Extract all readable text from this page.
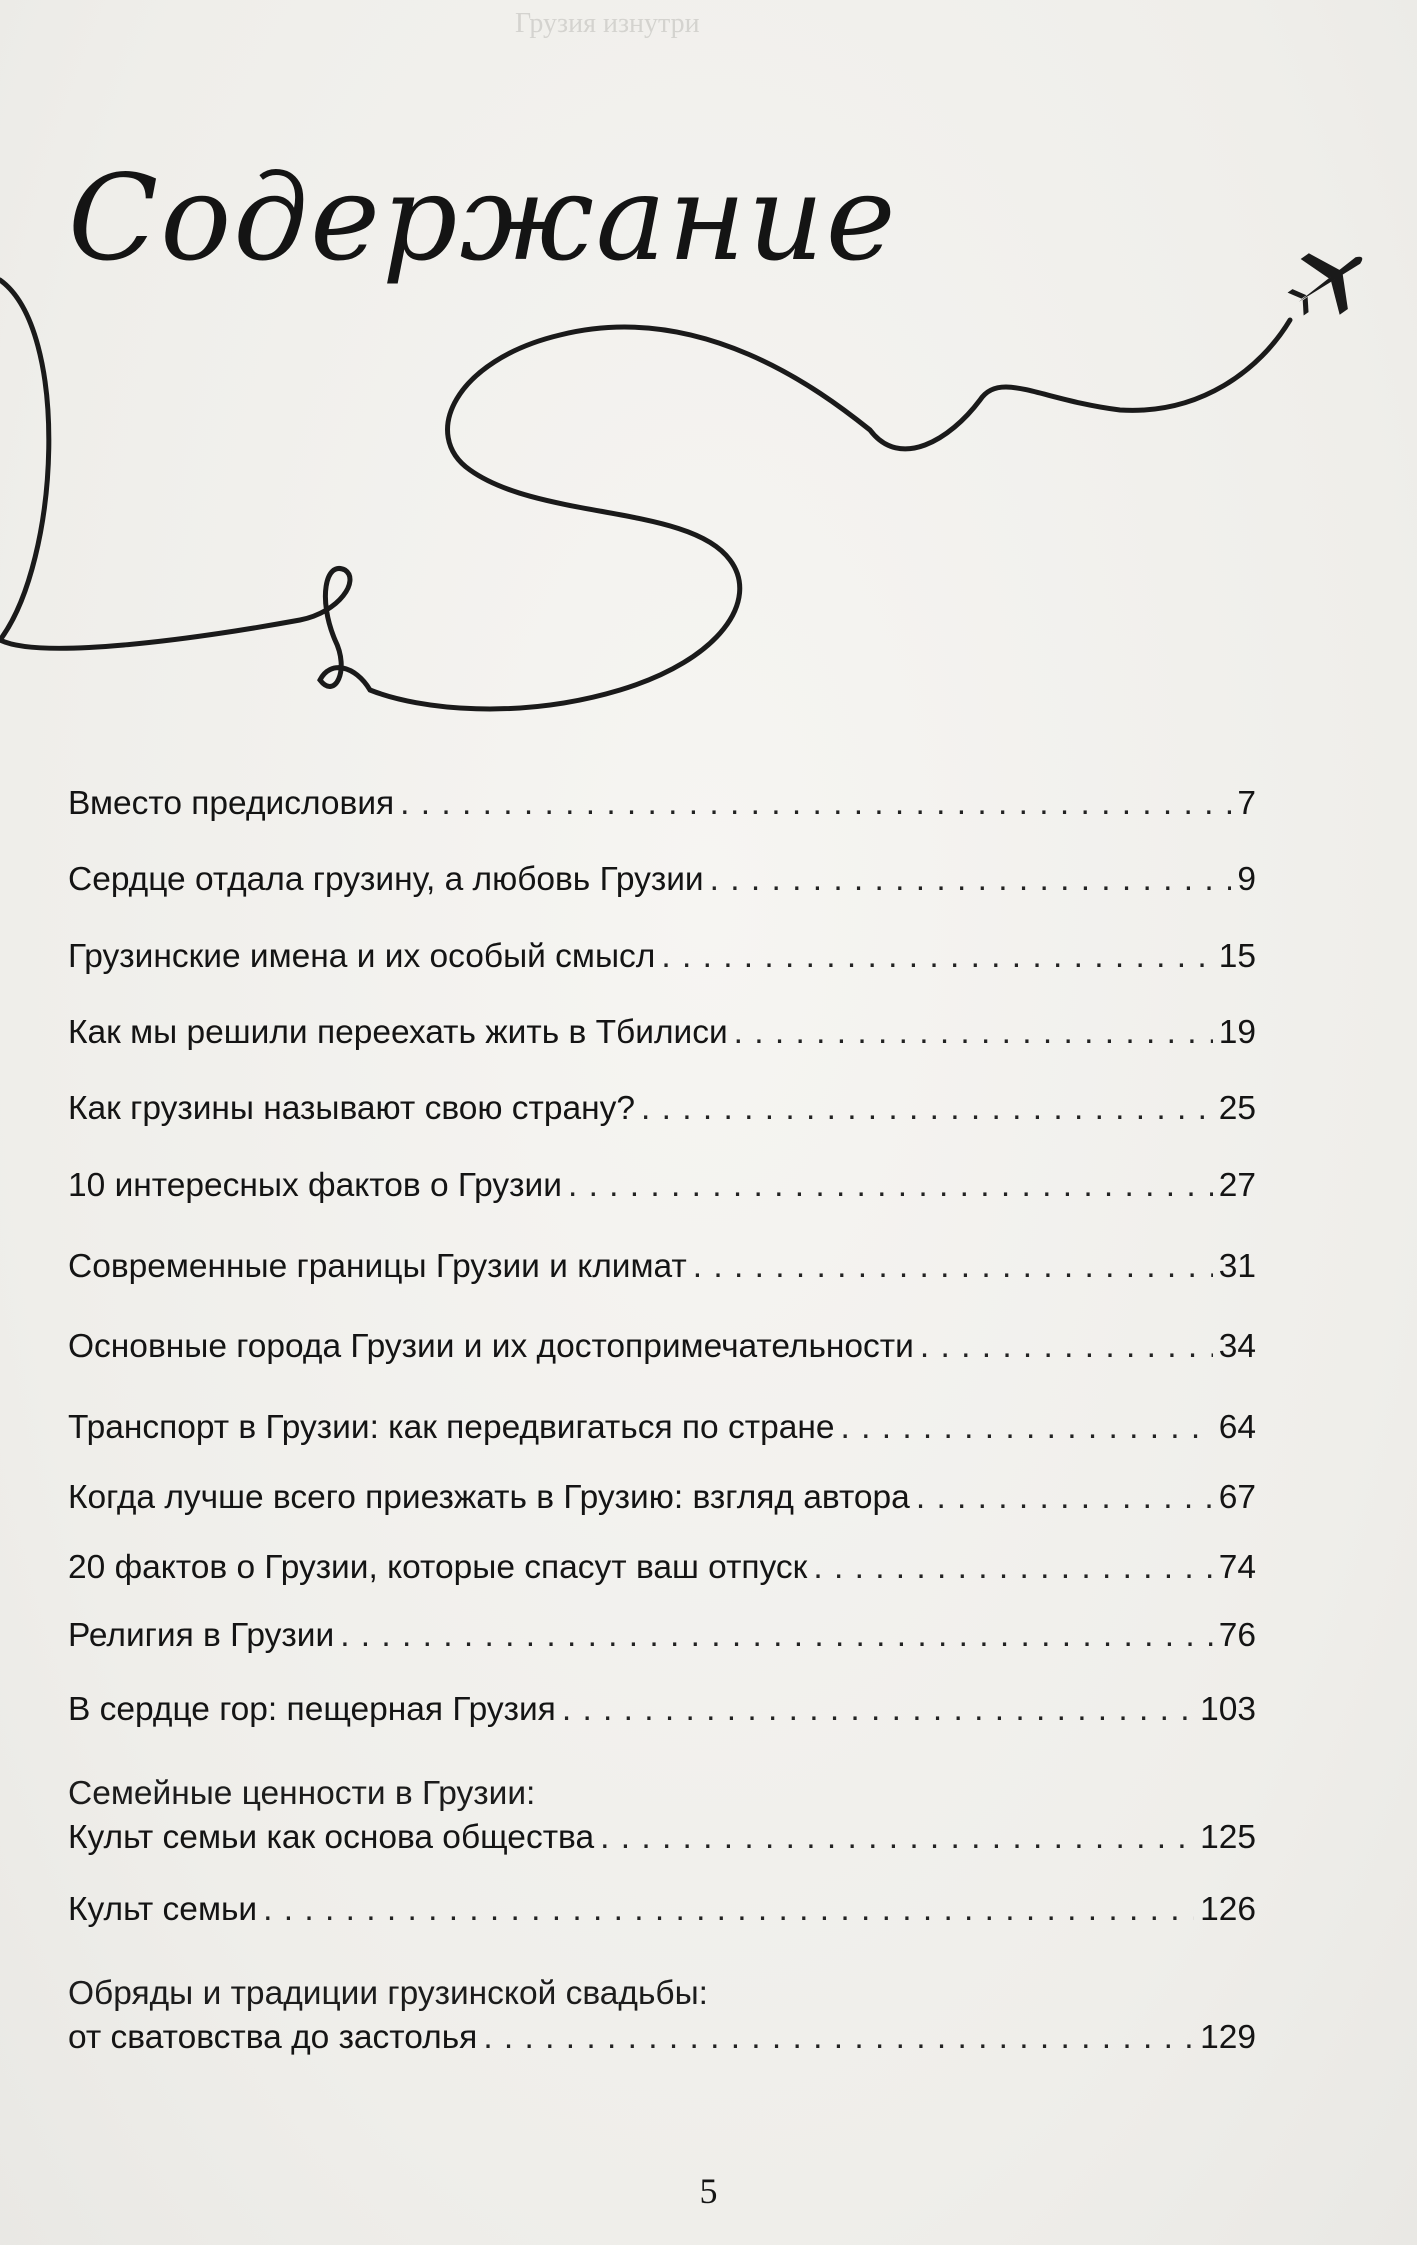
Грузия изнутри
Содержание
Вместо предисловия . . .	7
Сердце отдала грузину, а любовь Грузии . . .	9
Грузинские имена и их особый смысл . . .	15
Как мы решили переехать жить в Тбилиси . . .	19
Как грузины называют свою страну? . . .	25
10 интересных фактов о Грузии . . .	27
Современные границы Грузии и климат . . .	31
Основные города Грузии и их достопримечательности . . .	34
Транспорт в Грузии: как передвигаться по стране . . .	64
Когда лучше всего приезжать в Грузию: взгляд автора . . .	67
20 фактов о Грузии, которые спасут ваш отпуск . . .	74
Религия в Грузии . . .	76
В сердце гор: пещерная Грузия . . .	103
Семейные ценности в Грузии:
Культ семьи как основа общества . . .	125
Культ семьи . . .	126
Обряды и традиции грузинской свадьбы:
от сватовства до застолья . . .	129
5
